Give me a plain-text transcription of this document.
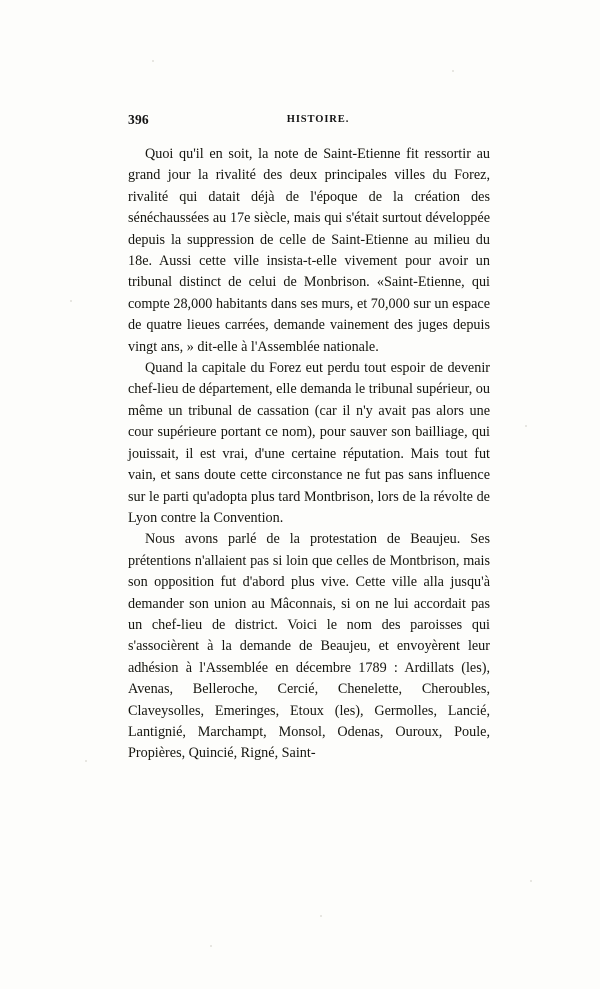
396	HISTOIRE.

Quoi qu'il en soit, la note de Saint-Etienne fit ressortir au grand jour la rivalité des deux principales villes du Forez, rivalité qui datait déjà de l'époque de la création des sénéchaussées au 17e siècle, mais qui s'était surtout développée depuis la suppression de celle de Saint-Etienne au milieu du 18e. Aussi cette ville insista-t-elle vivement pour avoir un tribunal distinct de celui de Monbrison. «Saint-Etienne, qui compte 28,000 habitants dans ses murs, et 70,000 sur un espace de quatre lieues carrées, demande vainement des juges depuis vingt ans, » dit-elle à l'Assemblée nationale.

Quand la capitale du Forez eut perdu tout espoir de devenir chef-lieu de département, elle demanda le tribunal supérieur, ou même un tribunal de cassation (car il n'y avait pas alors une cour supérieure portant ce nom), pour sauver son bailliage, qui jouissait, il est vrai, d'une certaine réputation. Mais tout fut vain, et sans doute cette circonstance ne fut pas sans influence sur le parti qu'adopta plus tard Montbrison, lors de la révolte de Lyon contre la Convention.

Nous avons parlé de la protestation de Beaujeu. Ses prétentions n'allaient pas si loin que celles de Montbrison, mais son opposition fut d'abord plus vive. Cette ville alla jusqu'à demander son union au Mâconnais, si on ne lui accordait pas un chef-lieu de district. Voici le nom des paroisses qui s'associèrent à la demande de Beaujeu, et envoyèrent leur adhésion à l'Assemblée en décembre 1789 : Ardillats (les), Avenas, Belleroche, Cercié, Chenelette, Cheroubles, Claveysolles, Emeringes, Etoux (les), Germolles, Lancié, Lantignié, Marchampt, Monsol, Odenas, Ouroux, Poule, Propières, Quincié, Rigné, Saint-
